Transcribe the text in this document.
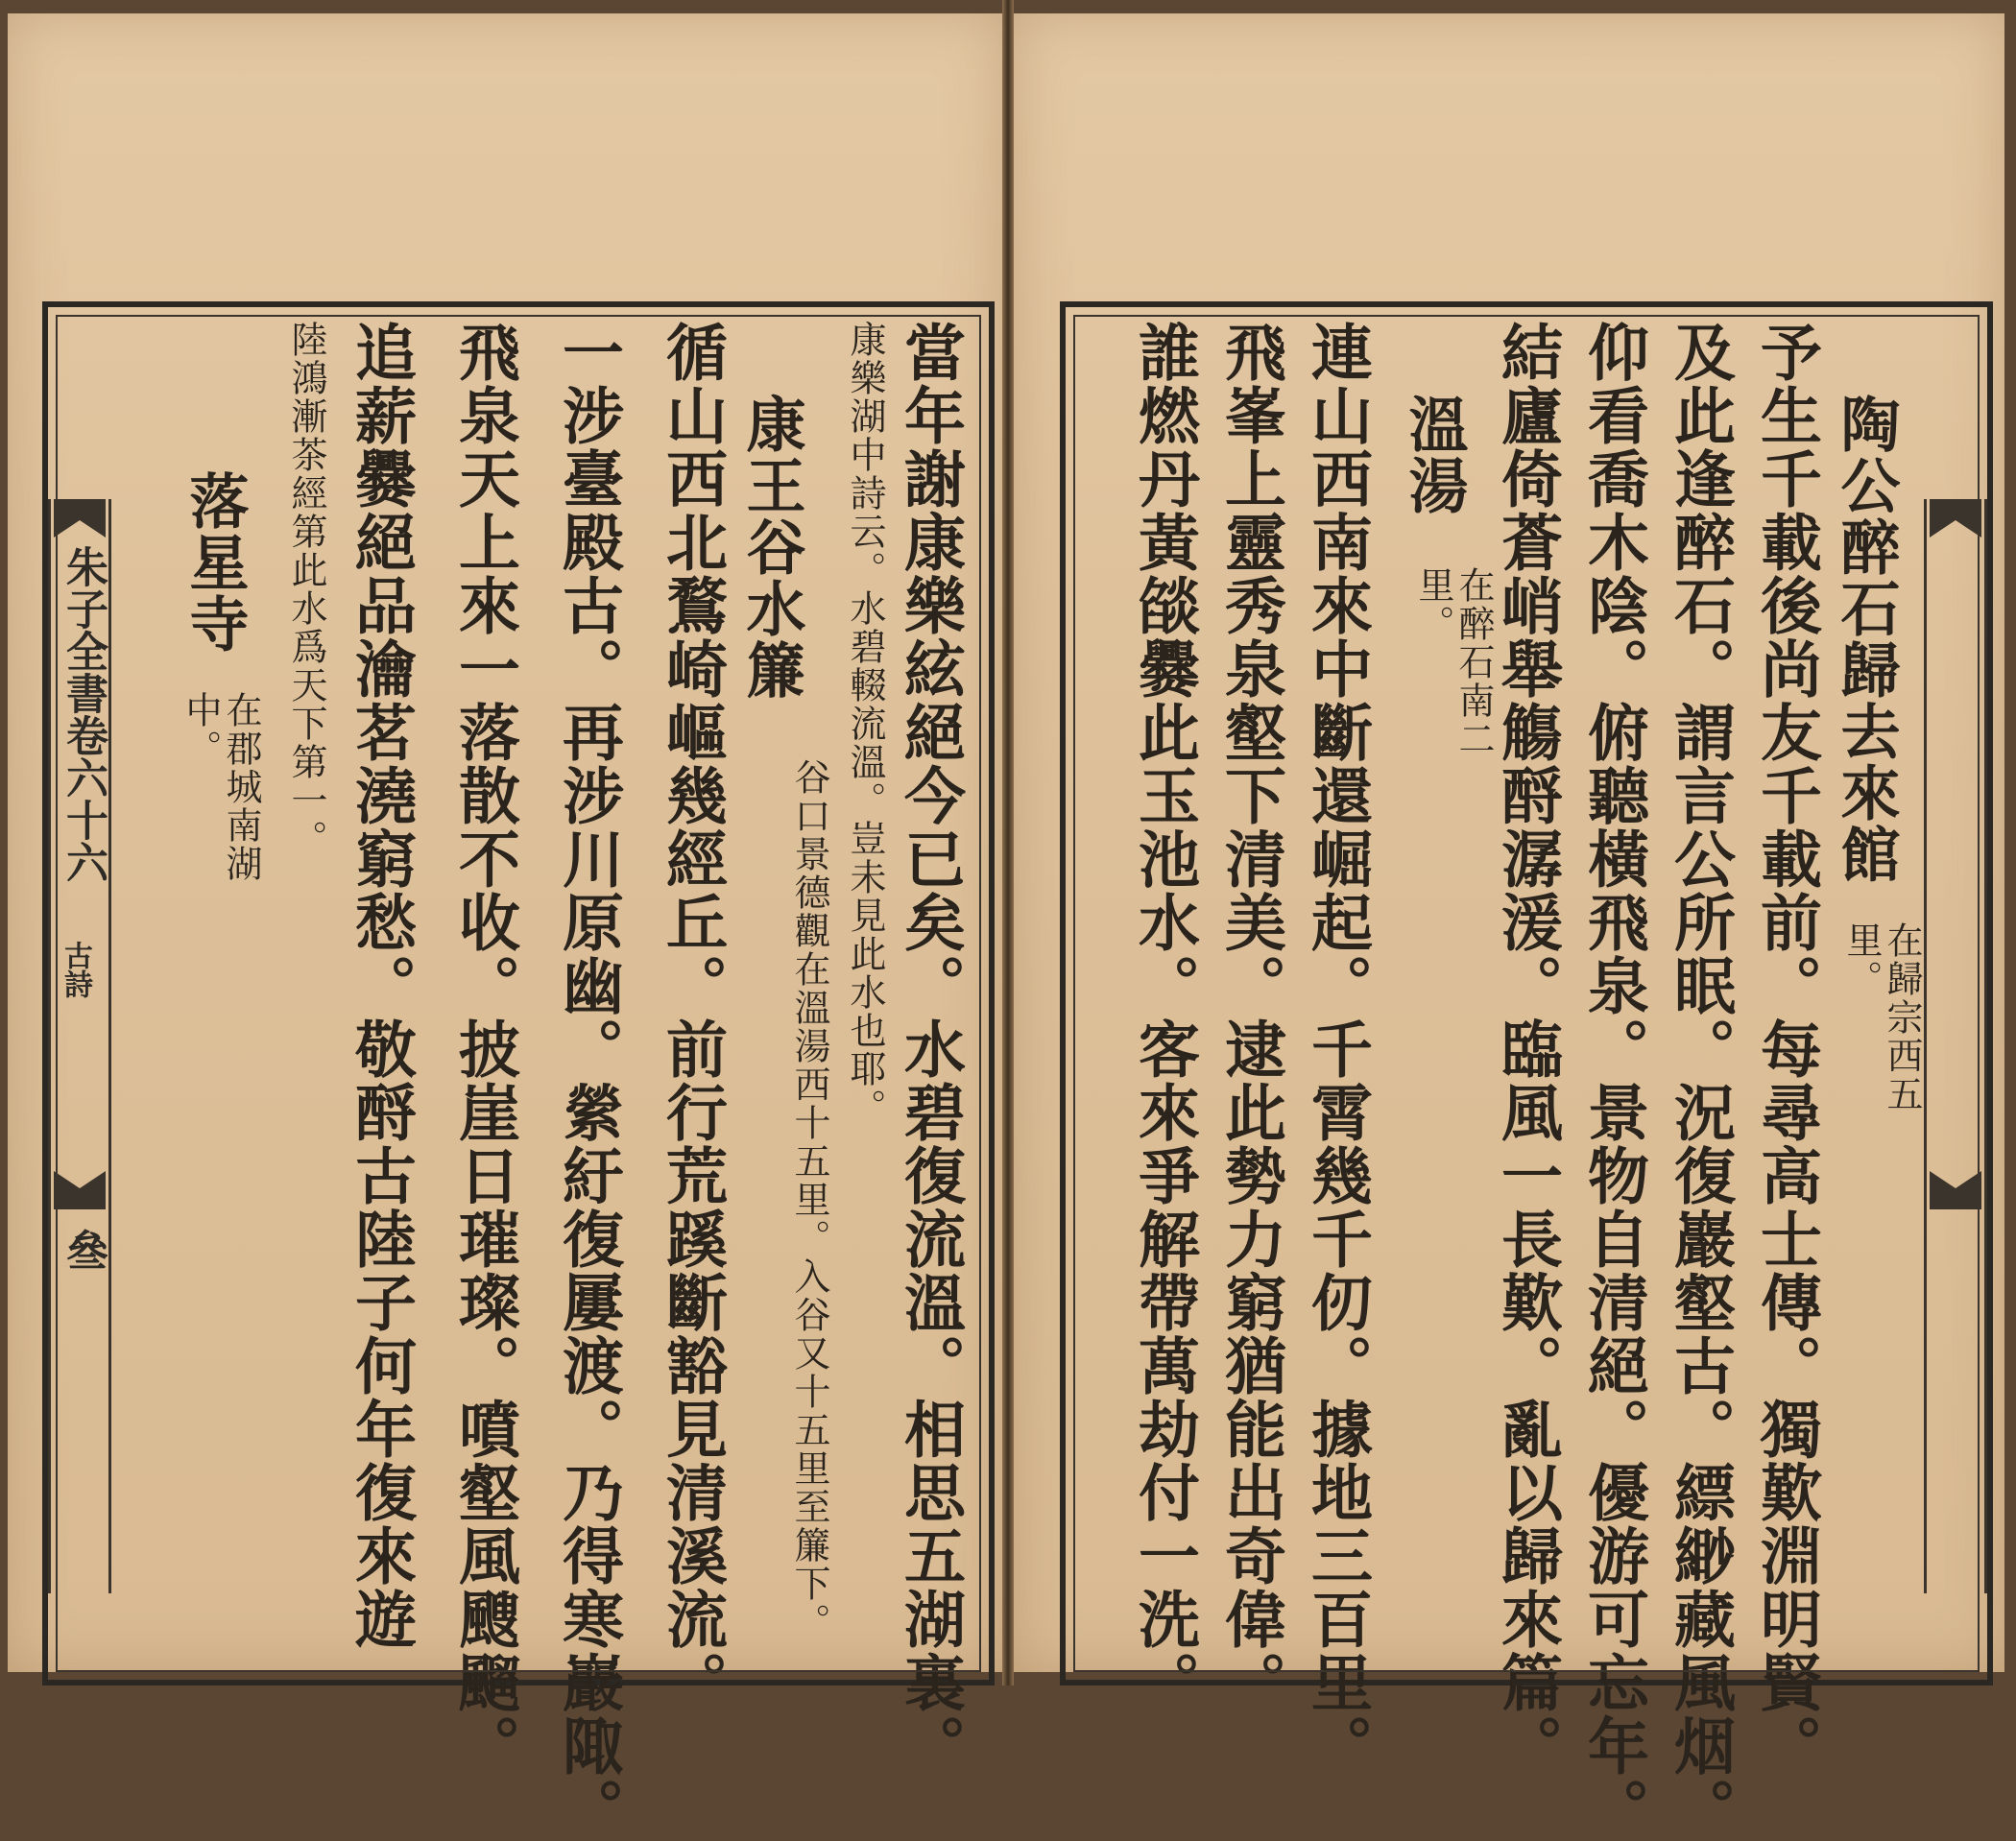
當年謝康樂絃絕今已矣。水碧復流溫。相思五湖裏。
康樂湖中詩云。水碧輟流溫。豈未見此水也耶。
康王谷水簾
谷口景德觀在溫湯西十五里。入谷又十五里至簾下。
循山西北鶩崎嶇幾經丘。前行荒蹊斷豁見清溪流。
一涉臺殿古。再涉川原幽。縈紆復屢渡。乃得寒巖陬。
飛泉天上來一落散不收。披崖日璀璨。噴壑風颼飀。
追薪爨絕品瀹茗澆窮愁。敬酹古陸子何年復來遊
陸鴻漸茶經第此水爲天下第一。
落星寺
在郡城南湖中。
朱子全書卷六十六
古詩
叄
陶公醉石歸去來館
在歸宗西五里。
予生千載後尚友千載前。每尋高士傳。獨歎淵明賢。
及此逢醉石。謂言公所眠。況復巖壑古。縹緲藏風烟。
仰看喬木陰。俯聽橫飛泉。景物自清絕。優游可忘年。
結廬倚蒼峭舉觴酹潺湲。臨風一長歎。亂以歸來篇。
溫湯
在醉石南二里。
連山西南來中斷還崛起。千霄幾千仞。據地三百里。
飛峯上靈秀泉壑下清美。逮此勢力窮猶能出奇偉。
誰燃丹黃燄爨此玉池水。客來爭解帶萬劫付一洗。
